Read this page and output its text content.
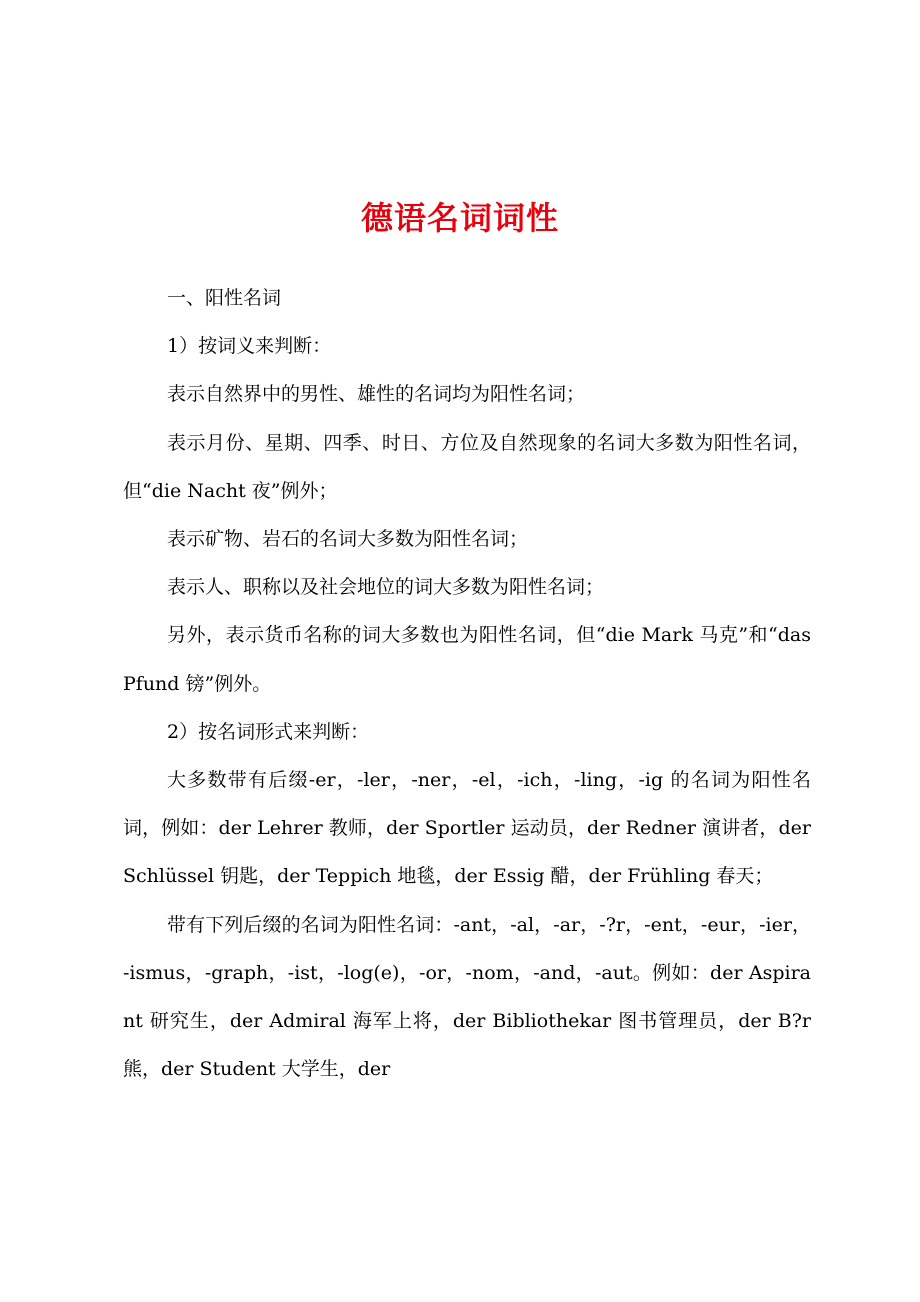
德语名词词性

一、阳性名词

1）按词义来判断：

表示自然界中的男性、雄性的名词均为阳性名词；

表示月份、星期、四季、时日、方位及自然现象的名词大多数为阳性名词，但“die Nacht 夜”例外；

表示矿物、岩石的名词大多数为阳性名词；

表示人、职称以及社会地位的词大多数为阳性名词；

另外，表示货币名称的词大多数也为阳性名词，但“die Mark 马克”和“das Pfund 镑”例外。

2）按名词形式来判断：

大多数带有后缀-er，-ler，-ner，-el，-ich，-ling，-ig 的名词为阳性名词，例如：der Lehrer 教师，der Sportler 运动员，der Redner 演讲者，der Schlüssel 钥匙，der Teppich 地毯，der Essig 醋，der Frühling 春天；

带有下列后缀的名词为阳性名词：-ant，-al，-ar，-?r，-ent，-eur，-ier，-ismus，-graph，-ist，-log(e)，-or，-nom，-and，-aut。例如：der Aspirant 研究生，der Admiral 海军上将，der Bibliothekar 图书管理员，der B?r 熊，der Student 大学生，der
